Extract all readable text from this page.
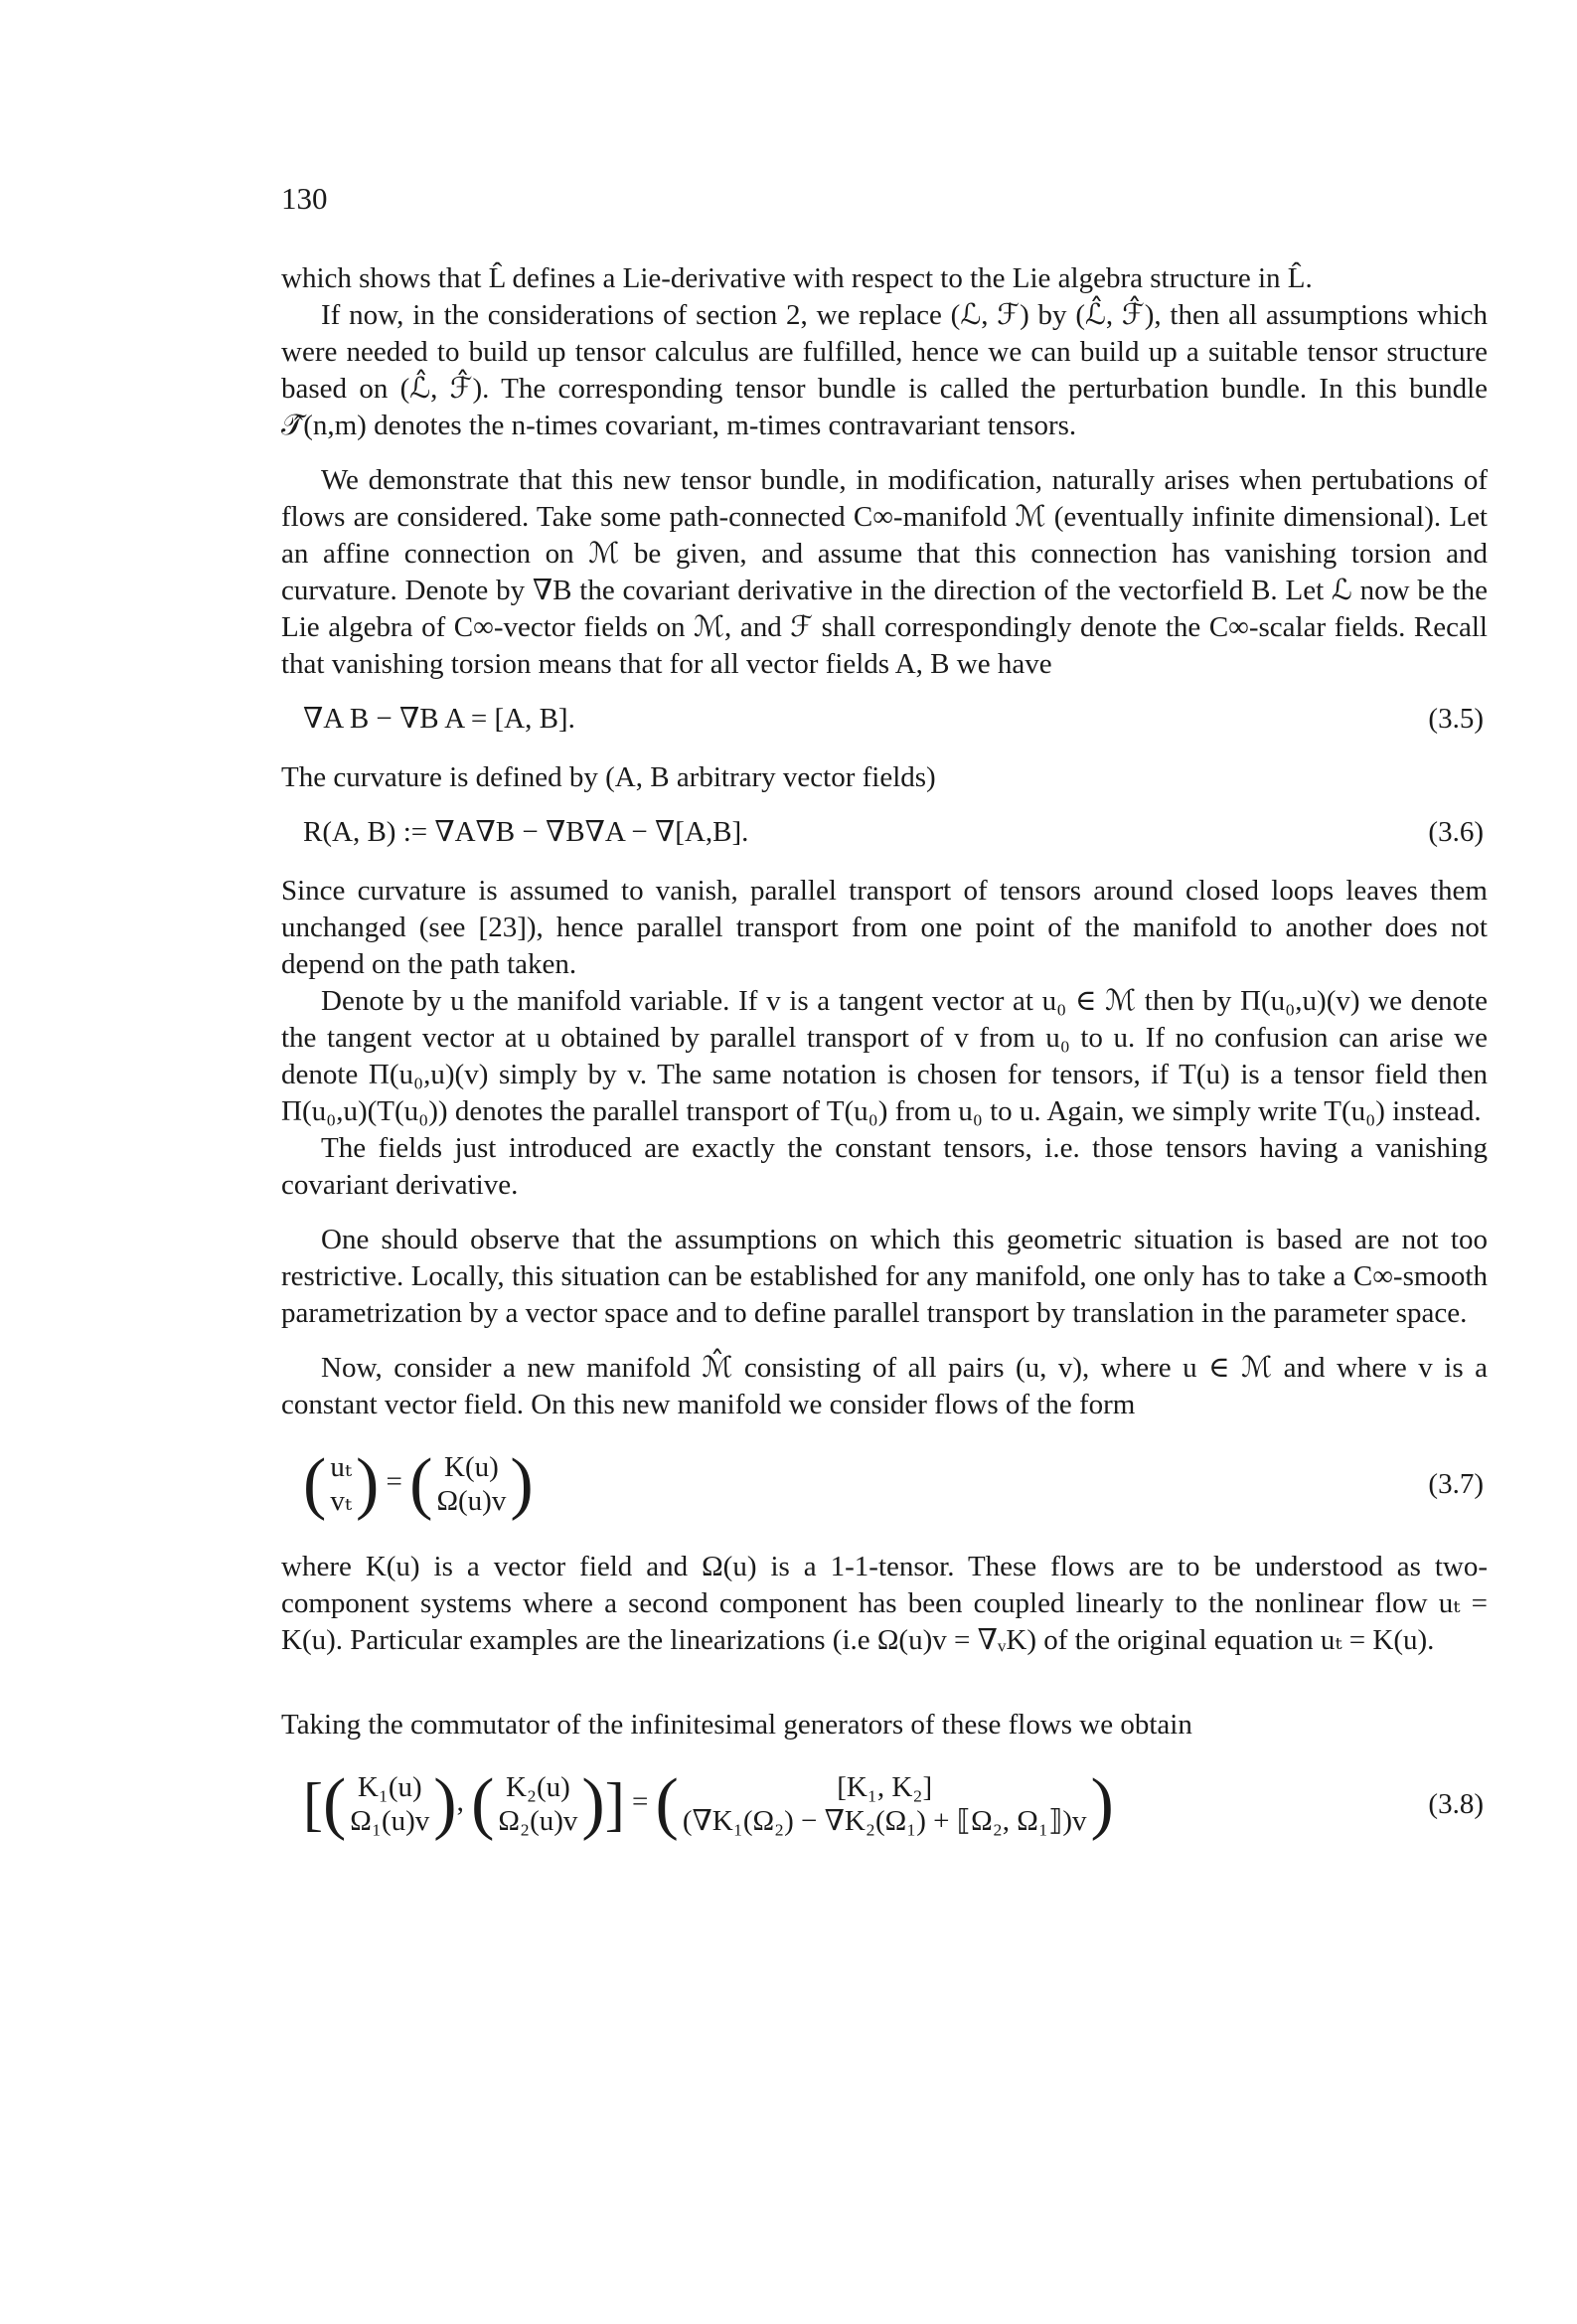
130

which shows that L̂ defines a Lie-derivative with respect to the Lie algebra structure in L̂.

If now, in the considerations of section 2, we replace (ℒ, ℱ) by (ℒ̂, ℱ̂), then all assumptions which were needed to build up tensor calculus are fulfilled, hence we can build up a suitable tensor structure based on (ℒ̂, ℱ̂). The corresponding tensor bundle is called the perturbation bundle. In this bundle 𝒯̂(n,m) denotes the n-times covariant, m-times contravariant tensors.

We demonstrate that this new tensor bundle, in modification, naturally arises when pertubations of flows are considered. Take some path-connected C∞-manifold ℳ (eventually infinite dimensional). Let an affine connection on ℳ be given, and assume that this connection has vanishing torsion and curvature. Denote by ∇B the covariant derivative in the direction of the vectorfield B. Let ℒ now be the Lie algebra of C∞-vector fields on ℳ, and ℱ shall correspondingly denote the C∞-scalar fields. Recall that vanishing torsion means that for all vector fields A, B we have

∇A B − ∇B A = [A, B].	(3.5)

The curvature is defined by (A, B arbitrary vector fields)

R(A, B) := ∇A∇B − ∇B∇A − ∇[A,B].	(3.6)

Since curvature is assumed to vanish, parallel transport of tensors around closed loops leaves them unchanged (see [23]), hence parallel transport from one point of the manifold to another does not depend on the path taken.

Denote by u the manifold variable. If v is a tangent vector at u₀ ∈ ℳ then by Π(u₀,u)(v) we denote the tangent vector at u obtained by parallel transport of v from u₀ to u. If no confusion can arise we denote Π(u₀,u)(v) simply by v. The same notation is chosen for tensors, if T(u) is a tensor field then Π(u₀,u)(T(u₀)) denotes the parallel transport of T(u₀) from u₀ to u. Again, we simply write T(u₀) instead.

The fields just introduced are exactly the constant tensors, i.e. those tensors having a vanishing covariant derivative.

One should observe that the assumptions on which this geometric situation is based are not too restrictive. Locally, this situation can be established for any manifold, one only has to take a C∞-smooth parametrization by a vector space and to define parallel transport by translation in the parameter space.

Now, consider a new manifold ℳ̂ consisting of all pairs (u, v), where u ∈ ℳ and where v is a constant vector field. On this new manifold we consider flows of the form

( uₜ
vₜ ) = ( K(u)
Ω(u)v )	(3.7)

where K(u) is a vector field and Ω(u) is a 1-1-tensor. These flows are to be understood as two-component systems where a second component has been coupled linearly to the nonlinear flow uₜ = K(u). Particular examples are the linearizations (i.e Ω(u)v = ∇ᵥK) of the original equation uₜ = K(u).

Taking the commutator of the infinitesimal generators of these flows we obtain

[( K₁(u)
Ω₁(u)v ), ( K₂(u)
Ω₂(u)v )] = (	[K₁, K₂]
(∇K₁(Ω₂) − ∇K₂(Ω₁) + ⟦Ω₂, Ω₁⟧)v )	(3.8)
